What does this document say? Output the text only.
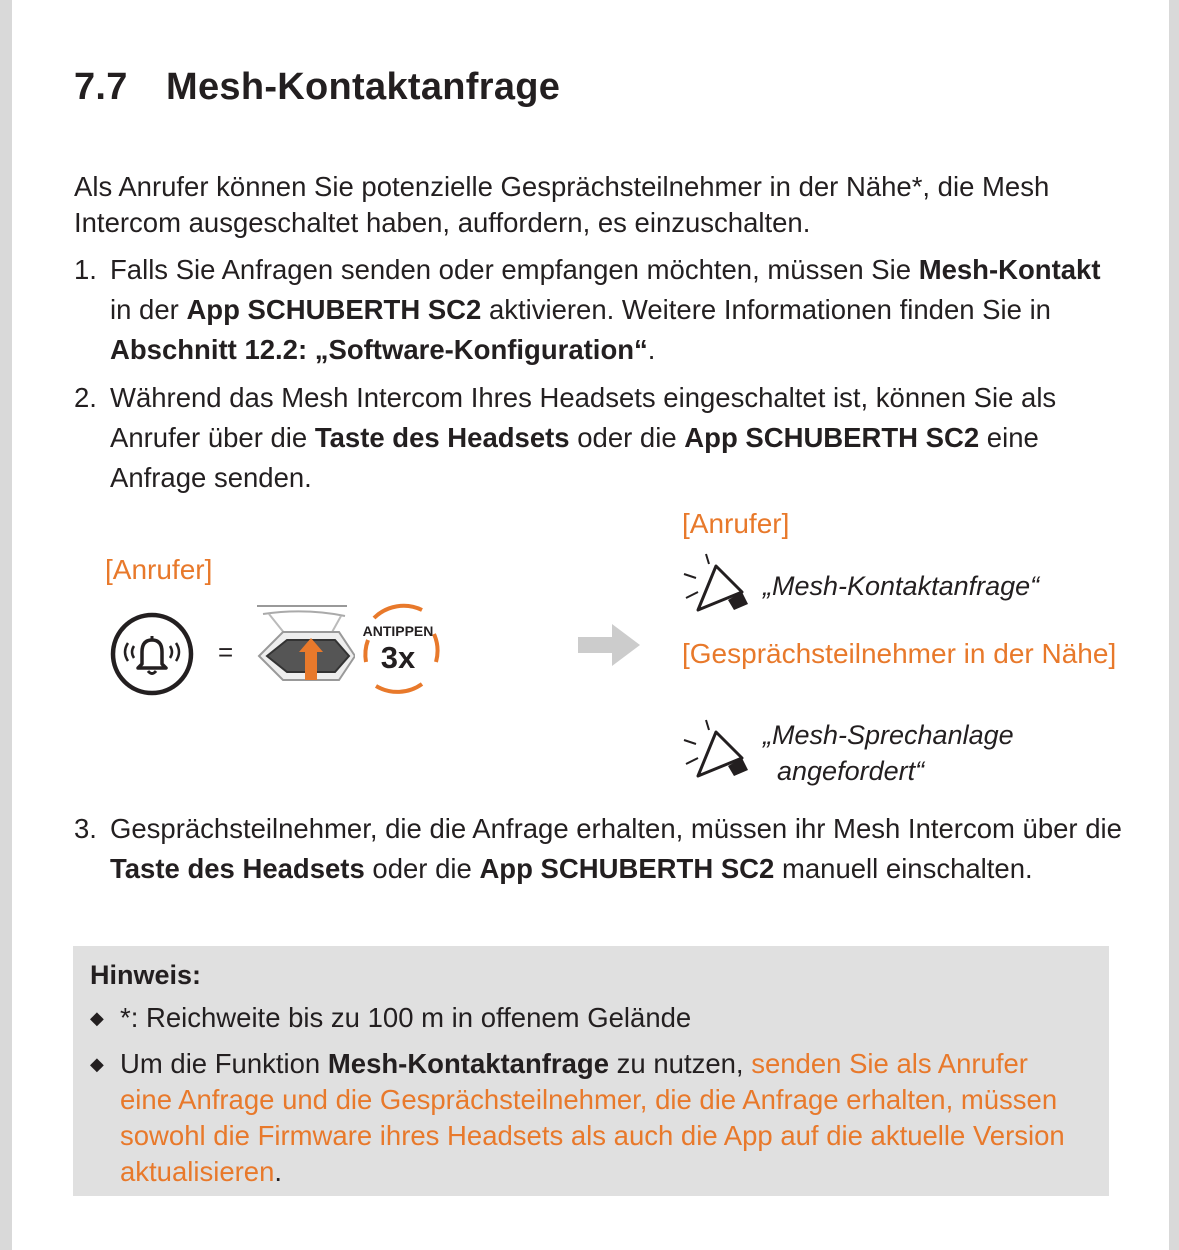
7.7 Mesh-Kontaktanfrage
Als Anrufer können Sie potenzielle Gesprächsteilnehmer in der Nähe*, die Mesh Intercom ausgeschaltet haben, auffordern, es einzuschalten.
1. Falls Sie Anfragen senden oder empfangen möchten, müssen Sie Mesh-Kontakt in der App SCHUBERTH SC2 aktivieren. Weitere Informationen finden Sie in Abschnitt 12.2: „Software-Konfiguration“.
2. Während das Mesh Intercom Ihres Headsets eingeschaltet ist, können Sie als Anrufer über die Taste des Headsets oder die App SCHUBERTH SC2 eine Anfrage senden.
[Anrufer]
=
ANTIPPEN
3x
[Anrufer]
„Mesh-Kontaktanfrage“
[Gesprächsteilnehmer in der Nähe]
„Mesh-Sprechanlage
angefordert“
3. Gesprächsteilnehmer, die die Anfrage erhalten, müssen ihr Mesh Intercom über die Taste des Headsets oder die App SCHUBERTH SC2 manuell einschalten.
Hinweis:
◆ *: Reichweite bis zu 100 m in offenem Gelände
◆ Um die Funktion Mesh-Kontaktanfrage zu nutzen, senden Sie als Anrufer eine Anfrage und die Gesprächsteilnehmer, die die Anfrage erhalten, müssen sowohl die Firmware ihres Headsets als auch die App auf die aktuelle Version aktualisieren.
